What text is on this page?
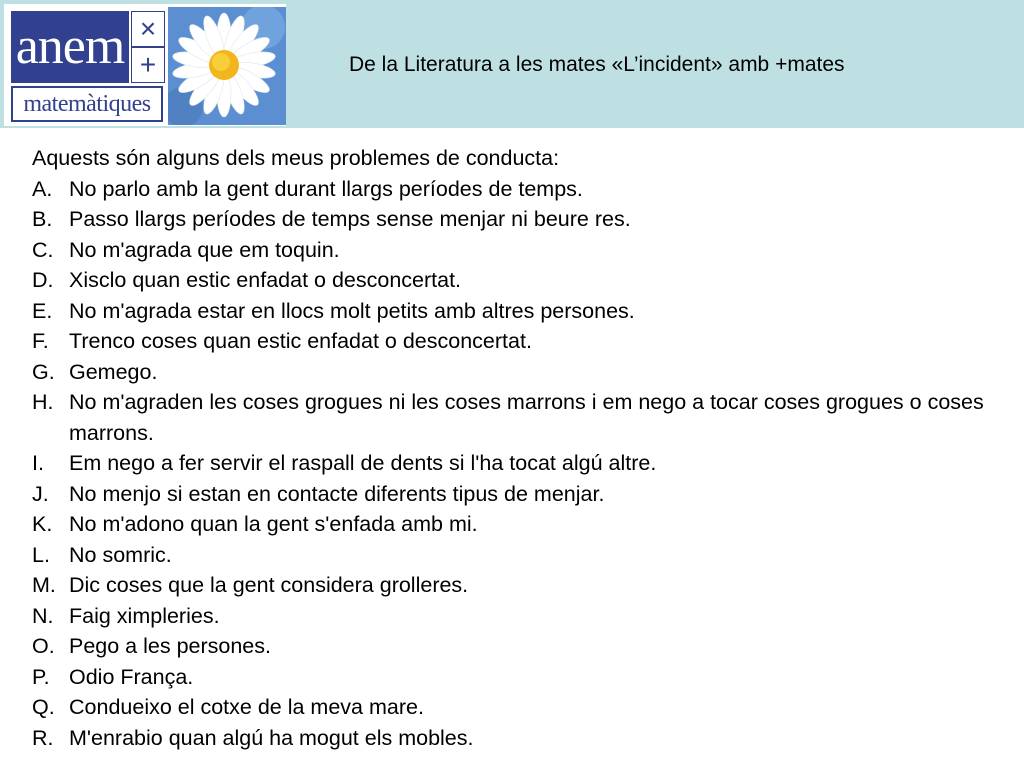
anem ×
+
matemàtiques
De la Literatura a les mates «L’incident» amb +mates

Aquests són alguns dels meus problemes de conducta:

A. No parlo amb la gent durant llargs períodes de temps.
B. Passo llargs períodes de temps sense menjar ni beure res.
C. No m'agrada que em toquin.
D. Xisclo quan estic enfadat o desconcertat.
E. No m'agrada estar en llocs molt petits amb altres persones.
F. Trenco coses quan estic enfadat o desconcertat.
G. Gemego.
H. No m'agraden les coses grogues ni les coses marrons i em nego a tocar coses grogues o coses marrons.
I.	Em nego a fer servir el raspall de dents si l'ha tocat algú altre.
J. No menjo si estan en contacte diferents tipus de menjar.
K. No m'adono quan la gent s'enfada amb mi.
L. No somric.
M. Dic coses que la gent considera grolleres.
N. Faig ximpleries.
O. Pego a les persones.
P. Odio França.
Q. Condueixo el cotxe de la meva mare.
R. M'enrabio quan algú ha mogut els mobles.
